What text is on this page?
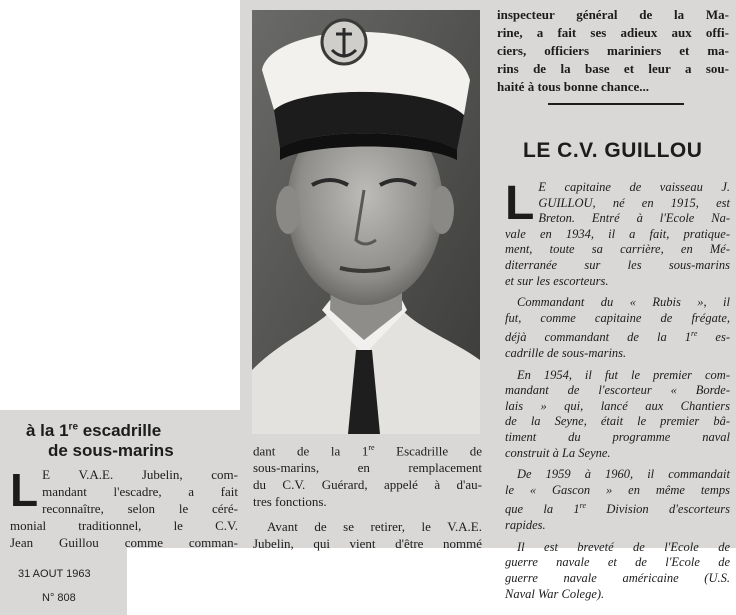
à la 1re escadrille

de sous-marins

L E V.A.E. Jubelin, com-
mandant l'escadre, a fait
reconnaître, selon le céré-
monial traditionnel, le C.V.
Jean Guillou comme comman-
dant de la 1re Escadrille de
sous-marins, en remplacement
du C.V. Guérard, appelé à d'au-
tres fonctions.
Avant de se retirer, le V.A.E.
Jubelin, qui vient d'être nommé
inspecteur général de la Ma-
rine, a fait ses adieux aux offi-
ciers, officiers mariniers et ma-
rins de la base et leur a sou-
haité à tous bonne chance...

LE C.V. GUILLOU

L E capitaine de vaisseau J.
GUILLOU, né en 1915, est
Breton. Entré à l'Ecole Na-
vale en 1934, il a fait, pratique-
ment, toute sa carrière, en Mé-
diterranée sur les sous-marins
et sur les escorteurs.
Commandant du « Rubis », il
fut, comme capitaine de frégate,
déjà commandant de la 1re es-
cadrille de sous-marins.
En 1954, il fut le premier com-
mandant de l'escorteur « Borde-
lais » qui, lancé aux Chantiers
de la Seyne, était le premier bâ-
timent du programme naval
construit à La Seyne.
De 1959 à 1960, il commandait
le « Gascon » en même temps
que la 1re Division d'escorteurs
rapides.
Il est breveté de l'Ecole de
guerre navale et de l'Ecole de
guerre navale américaine (U.S.
Naval War Colege).
31 AOUT 1963
N° 808
